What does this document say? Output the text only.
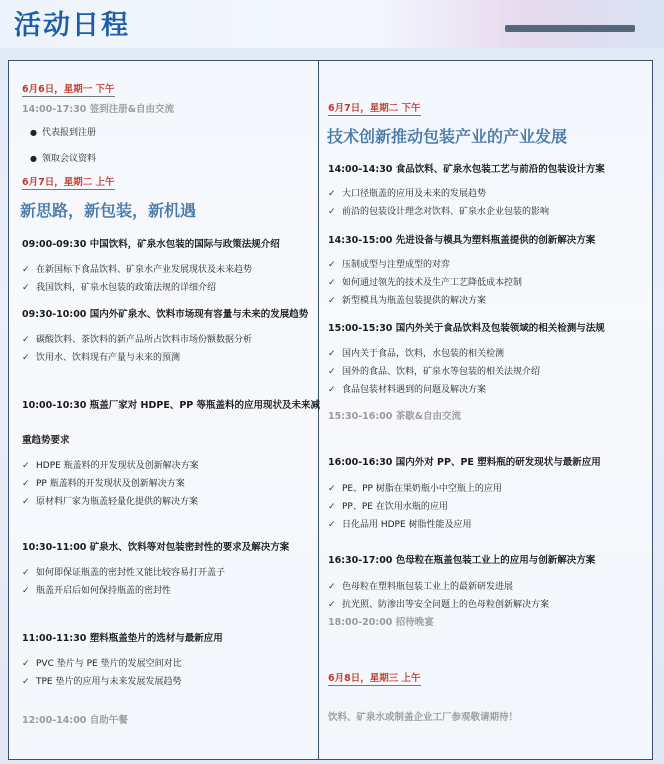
活动日程
6月6日，星期一 下午
14:00-17:30 签到注册&自由交流
● 代表报到注册
● 领取会议资料
6月7日，星期二 上午
新思路，新包装，新机遇
09:00-09:30 中国饮料，矿泉水包装的国际与政策法规介绍
✓ 在新国标下食品饮料、矿泉水产业发展现状及未来趋势
✓ 我国饮料，矿泉水包装的政策法规的详细介绍
09:30-10:00 国内外矿泉水、饮料市场现有容量与未来的发展趋势
✓ 碳酸饮料、茶饮料的新产品所占饮料市场份额数据分析
✓ 饮用水、饮料现有产量与未来的预测
10:00-10:30 瓶盖厂家对 HDPE、PP 等瓶盖料的应用现状及未来减
重趋势要求
✓ HDPE 瓶盖料的开发现状及创新解决方案
✓ PP 瓶盖料的开发现状及创新解决方案
✓ 原材料厂家为瓶盖轻量化提供的解决方案
10:30-11:00 矿泉水、饮料等对包装密封性的要求及解决方案
✓ 如何即保证瓶盖的密封性又能比较容易打开盖子
✓ 瓶盖开启后如何保持瓶盖的密封性
11:00-11:30 塑料瓶盖垫片的选材与最新应用
✓ PVC 垫片与 PE 垫片的发展空间对比
✓ TPE 垫片的应用与未来发展发展趋势
12:00-14:00 自助午餐
6月7日，星期二 下午
技术创新推动包装产业的产业发展
14:00-14:30 食品饮料、矿泉水包装工艺与前沿的包装设计方案
✓ 大口径瓶盖的应用及未来的发展趋势
✓ 前沿的包装设计理念对饮料、矿泉水企业包装的影响
14:30-15:00 先进设备与模具为塑料瓶盖提供的创新解决方案
✓ 压制成型与注塑成型的对弈
✓ 如何通过领先的技术及生产工艺降低成本控制
✓ 新型模具为瓶盖包装提供的解决方案
15:00-15:30 国内外关于食品饮料及包装领域的相关检测与法规
✓ 国内关于食品，饮料，水包装的相关检测
✓ 国外的食品、饮料，矿泉水等包装的相关法规介绍
✓ 食品包装材料遇到的问题及解决方案
15:30-16:00 茶歇&自由交流
16:00-16:30 国内外对 PP、PE 塑料瓶的研发现状与最新应用
✓ PE、PP 树脂在果奶瓶小中空瓶上的应用
✓ PP、PE 在饮用水瓶的应用
✓ 日化品用 HDPE 树脂性能及应用
16:30-17:00 色母粒在瓶盖包装工业上的应用与创新解决方案
✓ 色母粒在塑料瓶包装工业上的最新研发进展
✓ 抗光照、防渗出等安全问题上的色母粒创新解决方案
18:00-20:00 招待晚宴
6月8日，星期三 上午
饮料、矿泉水或制盖企业工厂参观敬请期待！
